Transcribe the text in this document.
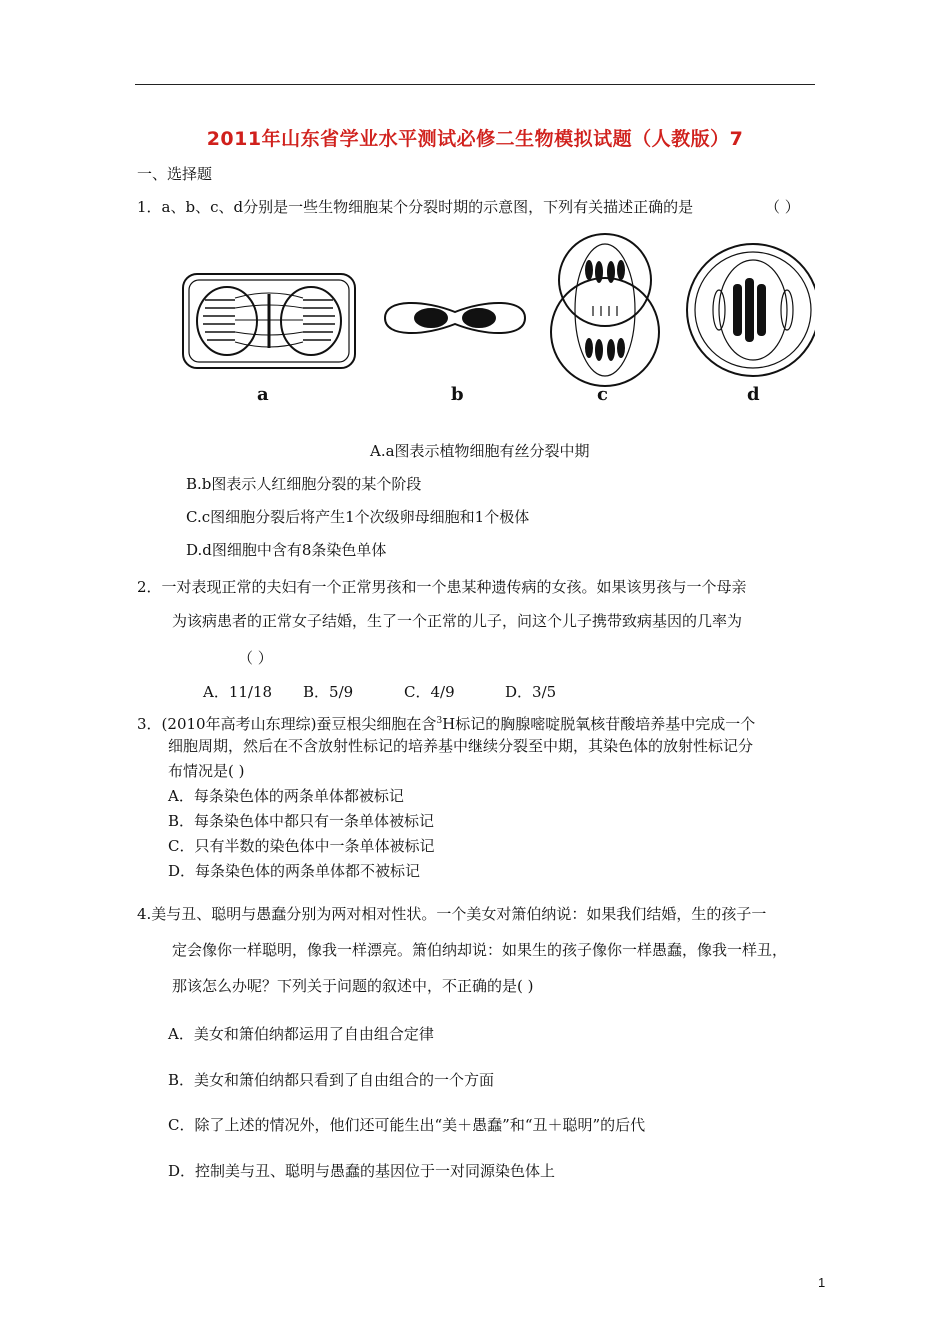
2011年山东省学业水平测试必修二生物模拟试题（人教版）7
一、选择题
1．a、b、c、d分别是一些生物细胞某个分裂时期的示意图，下列有关描述正确的是	（ ）
a	b	c	d
A.a图表示植物细胞有丝分裂中期
B.b图表示人红细胞分裂的某个阶段
C.c图细胞分裂后将产生1个次级卵母细胞和1个极体
D.d图细胞中含有8条染色单体
2．一对表现正常的夫妇有一个正常男孩和一个患某种遗传病的女孩。如果该男孩与一个母亲
为该病患者的正常女子结婚，生了一个正常的儿子，问这个儿子携带致病基因的几率为
（ ）
A．11/18 B．5/9	C．4/9	D．3/5
3．(2010年高考山东理综)蚕豆根尖细胞在含$^3$H标记的胸腺嘧啶脱氧核苷酸培养基中完成一个
细胞周期，然后在不含放射性标记的培养基中继续分裂至中期，其染色体的放射性标记分
布情况是( )
A．每条染色体的两条单体都被标记
B．每条染色体中都只有一条单体被标记
C．只有半数的染色体中一条单体被标记
D．每条染色体的两条单体都不被标记
4.美与丑、聪明与愚蠢分别为两对相对性状。一个美女对箫伯纳说：如果我们结婚，生的孩子一
定会像你一样聪明，像我一样漂亮。箫伯纳却说：如果生的孩子像你一样愚蠢，像我一样丑，
那该怎么办呢？下列关于问题的叙述中，不正确的是( )
A．美女和箫伯纳都运用了自由组合定律
B．美女和箫伯纳都只看到了自由组合的一个方面
C．除了上述的情况外，他们还可能生出“美＋愚蠢”和“丑＋聪明”的后代
D．控制美与丑、聪明与愚蠢的基因位于一对同源染色体上
1
